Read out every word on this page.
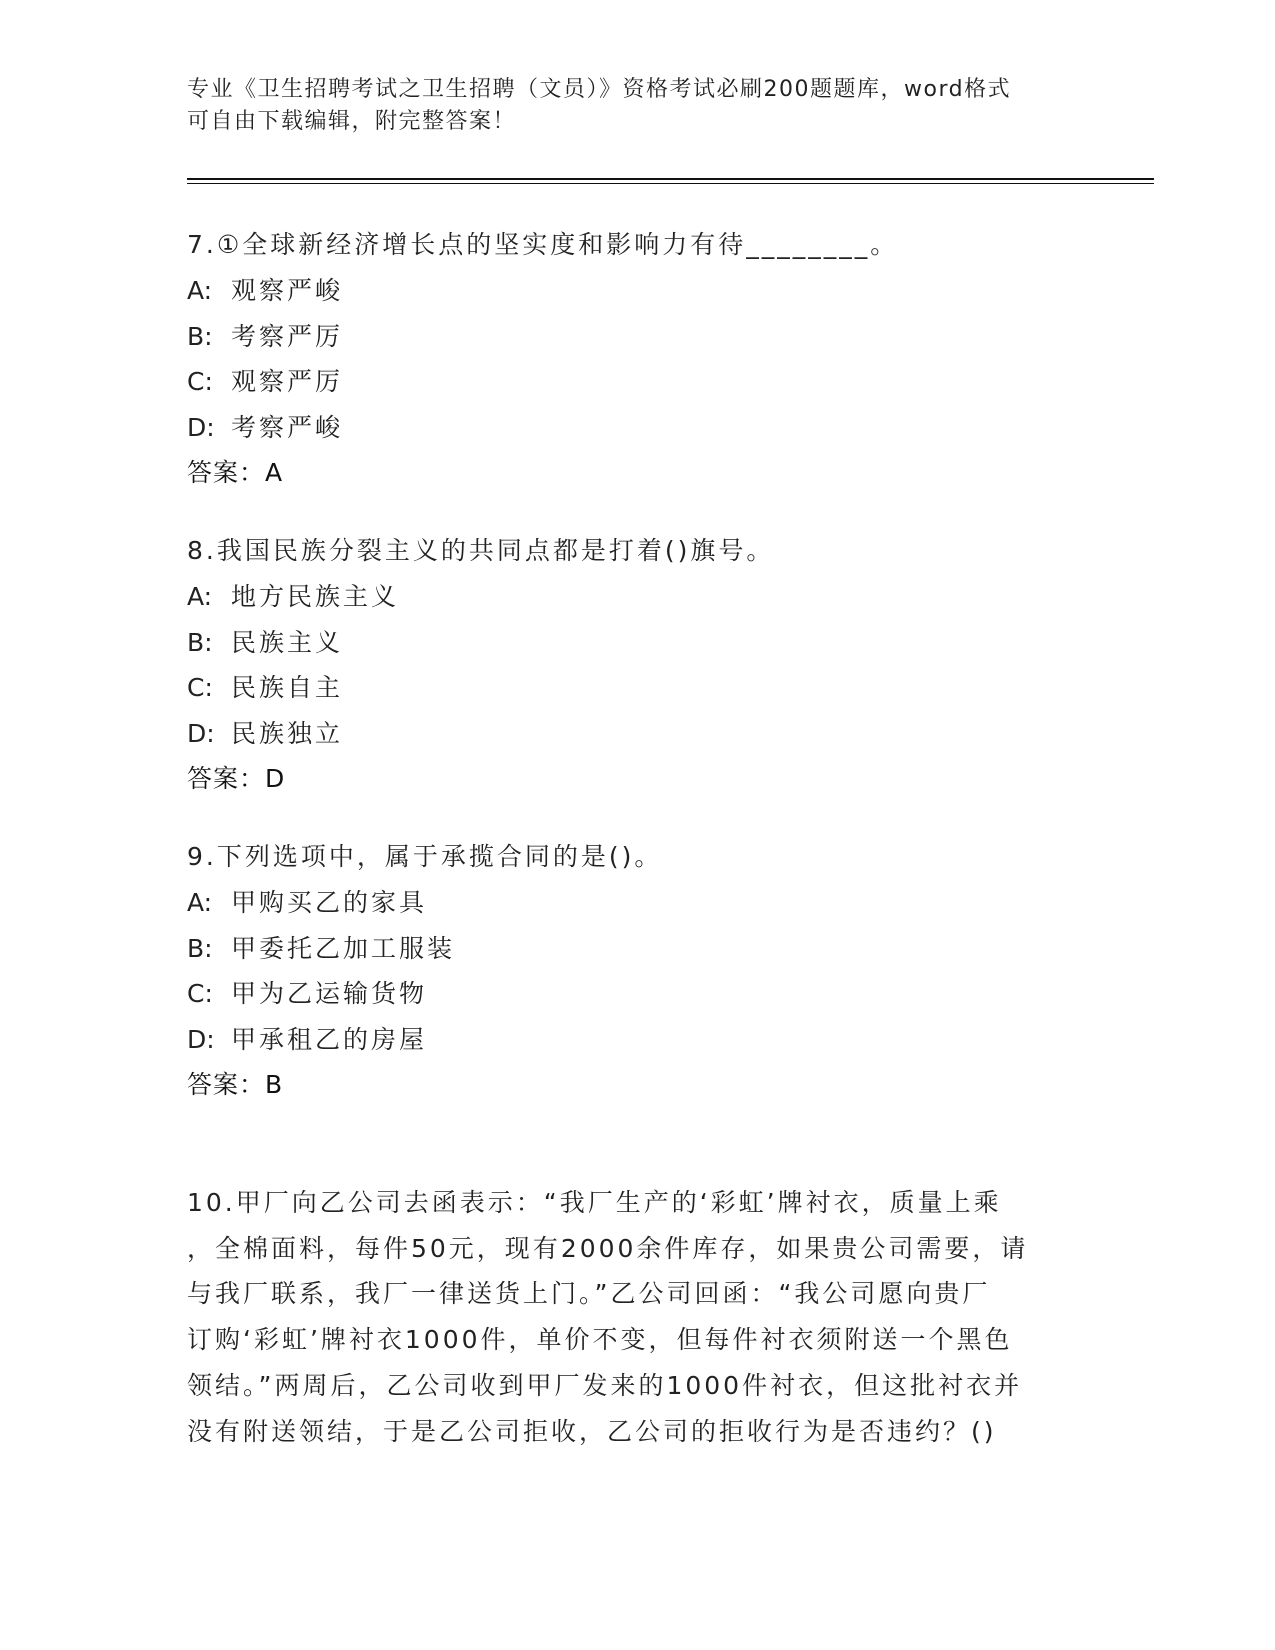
专业《卫生招聘考试之卫生招聘（文员）》资格考试必刷200题题库，word格式
可自由下载编辑，附完整答案！
7.①全球新经济增长点的坚实度和影响力有待________。
A: 观察严峻
B: 考察严厉
C: 观察严厉
D: 考察严峻
答案：A
8.我国民族分裂主义的共同点都是打着()旗号。
A: 地方民族主义
B: 民族主义
C: 民族自主
D: 民族独立
答案：D
9.下列选项中，属于承揽合同的是()。
A: 甲购买乙的家具
B: 甲委托乙加工服装
C: 甲为乙运输货物
D: 甲承租乙的房屋
答案：B
10.甲厂向乙公司去函表示：“我厂生产的‘彩虹’牌衬衣，质量上乘
，全棉面料，每件50元，现有2000余件库存，如果贵公司需要，请
与我厂联系，我厂一律送货上门。”乙公司回函：“我公司愿向贵厂
订购‘彩虹’牌衬衣1000件，单价不变，但每件衬衣须附送一个黑色
领结。”两周后，乙公司收到甲厂发来的1000件衬衣，但这批衬衣并
没有附送领结，于是乙公司拒收，乙公司的拒收行为是否违约？()
